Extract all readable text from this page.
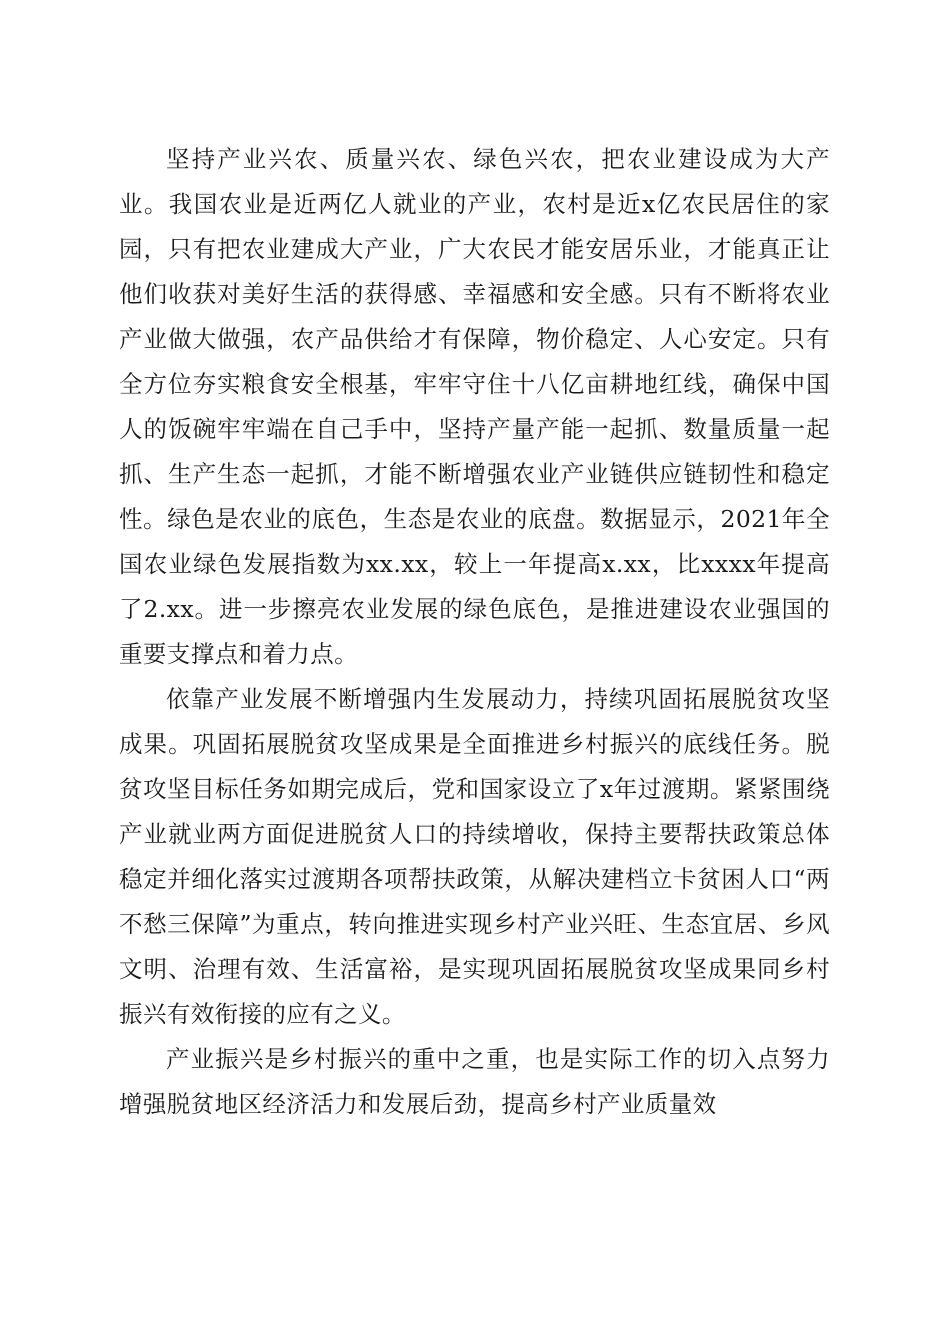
坚持产业兴农、质量兴农、绿色兴农，把农业建设成为大产业。我国农业是近两亿人就业的产业，农村是近x亿农民居住的家园，只有把农业建成大产业，广大农民才能安居乐业，才能真正让他们收获对美好生活的获得感、幸福感和安全感。只有不断将农业产业做大做强，农产品供给才有保障，物价稳定、人心安定。只有全方位夯实粮食安全根基，牢牢守住十八亿亩耕地红线，确保中国人的饭碗牢牢端在自己手中，坚持产量产能一起抓、数量质量一起抓、生产生态一起抓，才能不断增强农业产业链供应链韧性和稳定性。绿色是农业的底色，生态是农业的底盘。数据显示，2021年全国农业绿色发展指数为xx.xx，较上一年提高x.xx，比xxxx年提高了2.xx。进一步擦亮农业发展的绿色底色，是推进建设农业强国的重要支撑点和着力点。

依靠产业发展不断增强内生发展动力，持续巩固拓展脱贫攻坚成果。巩固拓展脱贫攻坚成果是全面推进乡村振兴的底线任务。脱贫攻坚目标任务如期完成后，党和国家设立了x年过渡期。紧紧围绕产业就业两方面促进脱贫人口的持续增收，保持主要帮扶政策总体稳定并细化落实过渡期各项帮扶政策，从解决建档立卡贫困人口“两不愁三保障”为重点，转向推进实现乡村产业兴旺、生态宜居、乡风文明、治理有效、生活富裕，是实现巩固拓展脱贫攻坚成果同乡村振兴有效衔接的应有之义。

产业振兴是乡村振兴的重中之重，也是实际工作的切入点努力增强脱贫地区经济活力和发展后劲，提高乡村产业质量效
